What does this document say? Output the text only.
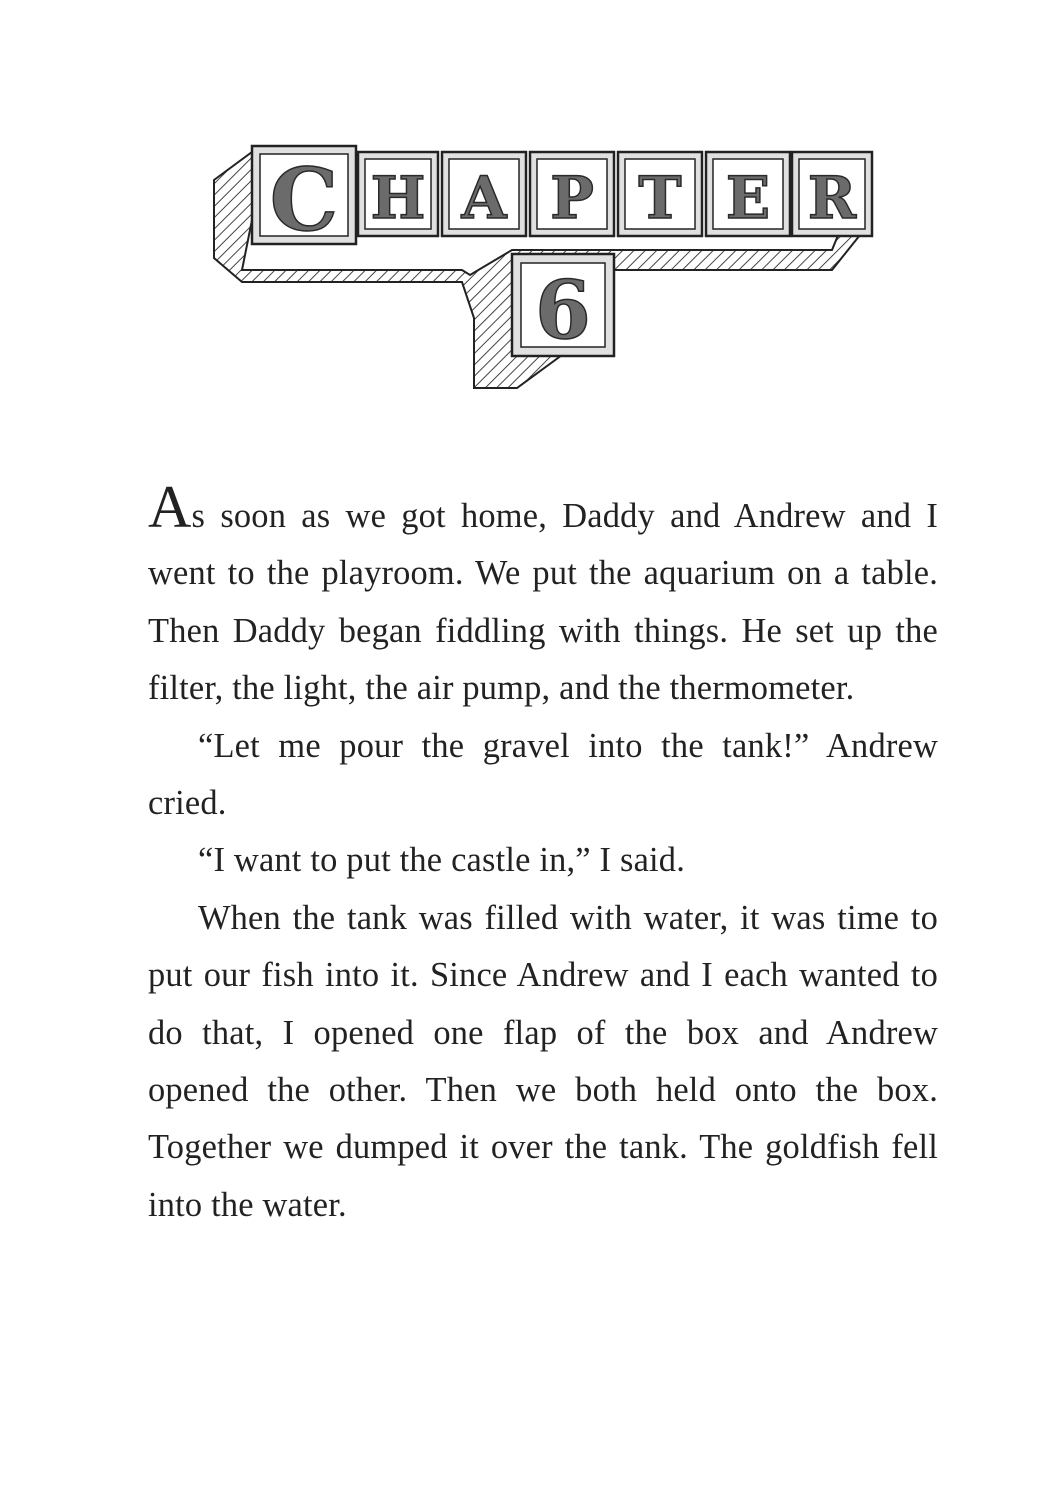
C H A P T E R
6

As soon as we got home, Daddy and Andrew and I went to the playroom. We put the aquarium on a table. Then Daddy began fiddling with things. He set up the filter, the light, the air pump, and the thermometer.

“Let me pour the gravel into the tank!” Andrew cried.

“I want to put the castle in,” I said.

When the tank was filled with water, it was time to put our fish into it. Since Andrew and I each wanted to do that, I opened one flap of the box and Andrew opened the other. Then we both held onto the box. Together we dumped it over the tank. The goldfish fell into the water.
